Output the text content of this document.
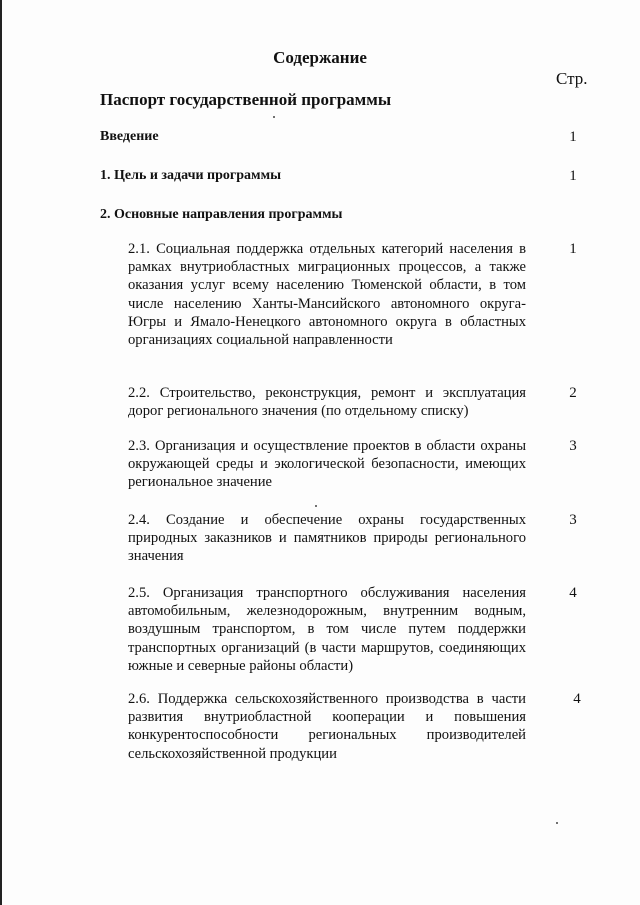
Содержание
Стр.
Паспорт государственной программы
Введение	1
1. Цель и задачи программы	1
2. Основные направления программы
2.1. Социальная поддержка отдельных категорий населения в рамках внутриобластных миграционных процессов, а также оказания услуг всему населению Тюменской области, в том числе населению Ханты-Мансийского автономного округа-Югры и Ямало-Ненецкого автономного округа в областных организациях социальной направленности
1
2.2. Строительство, реконструкция, ремонт и эксплуатация дорог регионального значения (по отдельному списку)
2
2.3. Организация и осуществление проектов в области охраны окружающей среды и экологической безопасности, имеющих региональное значение
3
2.4. Создание и обеспечение охраны государственных природных заказников и памятников природы регионального значения
3
2.5. Организация транспортного обслуживания населения автомобильным, железнодорожным, внутренним водным, воздушным транспортом, в том числе путем поддержки транспортных организаций (в части маршрутов, соединяющих южные и северные районы области)
4
2.6. Поддержка сельскохозяйственного производства в части развития внутриобластной кооперации и повышения конкурентоспособности региональных производителей сельскохозяйственной продукции
4
